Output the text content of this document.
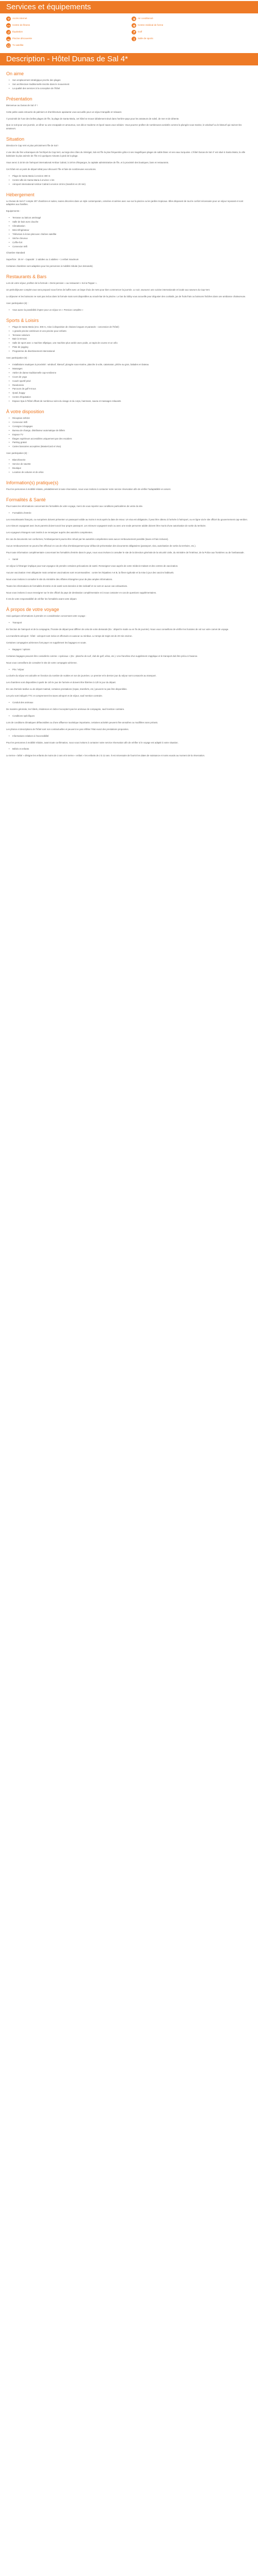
Services et équipements
Accès internet	Air conditionné
Centre de fitness	Centre médical de forme
Équitation	Golf
Piscine découverte	Salle de sports
Tv satellite
Description - Hôtel Dunas de Sal 4*
On aime
• Son emplacement stratégique proche des plages
• Son architecture traditionnelle inscrite dans le mouvement
• La qualité des services à la conception de l'hôtel
Présentation
Bienvenue au Dunas de Sal 4* !
Cette petite oasis entourée de palmiers et d'architecture apaisante vous accueille pour un séjour tranquille et relaxant.
À proximité de l'une des belles plages de l'île, la plage de Santa Maria, cet hôtel se trouve idéalement situé dans l'arrière-pays pour les amateurs de soleil, de mer et de détente.
Que ce soit pour une journée, un dîner ou une escapade en amoureux, son décor moderne et épuré saura vous séduire. Vous pourrez profiter de nombreuses activités comme la plongée sous-marine, le windsurf ou le kitesurf qui raviront les amateurs.
Situation
Direction le Cap Vert et plus précisément l'île de Sal !
L'une des dix îles volcaniques de l'archipel du Cap-Vert, au large des côtes du Sénégal, Sal est l'île la plus fréquentée grâce à ses magnifiques plages de sable blanc et ses eaux turquoise. L'hôtel Dunas de Sal 4* est situé à Santa Maria, la ville balnéaire la plus animée de l'île et à quelques minutes à pied de la plage.
Vous serez à 15 km de l'aéroport international Amilcar Cabral, à 18 km d'Espargos, la capitale administrative de l'île, et à proximité des boutiques, bars et restaurants.
Cet hôtel est un point de départ idéal pour découvrir l'île et faire de nombreuses excursions.
• Plage de Santa Maria à environ 300 m
• Centre-ville de Santa Maria à environ 1 km
• Aéroport international Amilcar Cabral à environ 18 km (transfert en 20 min)
Hébergement
Le Dunas de Sal 4* compte 207 chambres et suites, toutes décorées dans un style contemporain, colorées et aérées avec vue sur la piscine ou les jardins tropicaux. Elles disposent de tout le confort nécessaire pour un séjour reposant et sont adaptées aux familles.
Equipements :
• Terrasse ou balcon aménagé
• Salle de bain avec douche
• Climatisation
• Mini-réfrigérateur
• Télévision à écran plat avec chaînes satellite
• Sèche-cheveux
• Coffre-fort
• Connexion Wifi
Chambre Standard
Superficie : 25 m² - Capacité : 2 adultes ou 2 adultes + 1 enfant maximum
Certaines chambres sont adaptées pour les personnes à mobilité réduite (sur demande).
Restaurants & Bars
Lors de votre séjour, profitez de la formule « Demi-pension » au restaurant « Sol & Pepper ».
Un petit-déjeuner complet vous sera proposé sous forme de buffet avec un large choix de mets pour bien commencer la journée. Le soir, savourez une cuisine internationale et locale aux saveurs du Cap-Vert.
Le déjeuner et les boissons ne sont pas inclus dans la formule mais sont disponibles au snack-bar de la piscine. Le bar du lobby vous accueille pour déguster des cocktails, jus de fruits frais ou boissons fraîches dans une ambiance chaleureuse.
Avec participation (€) :
• Vous aurez la possibilité d'opter pour un séjour en « Pension complète »
Sports & Loisirs
• Plage de Santa Maria (env. 300 m, mise à disposition de chaises longues et parasols - concession de l'hôtel)
• 1 grande piscine extérieure et une piscine pour enfants
• Terrasse solarium
• Bain à remous
• Salle de sport avec 1 machine elliptique, une machine plus variée avec poids, un tapis de course et un vélo
• Piste de jogging
• Programme de divertissement international
Avec participation (€) :
• Installations nautiques à proximité : windsurf, kitesurf, plongée sous-marine, planche à voile, catamaran, pêche au gros, balades en bateau
• Massages
• Atelier de danse traditionnelle cap-verdienne
• Cours de yoga
• Coach sportif privé
• Randonnée
• Parcours de golf 9 trous
• Quad, buggy
• Centre d'équitation
• Espace Spa à l'hôtel offrant de nombreux soins du visage et du corps, hammam, sauna et massages relaxants
À votre disposition
• Réception 24h/24
• Connexion Wifi
• Consigne à bagages
• Bureau de change, distributeur automatique de billets
• Espace TV
• Étages supérieurs accessibles uniquement par des escaliers
• Parking gratuit
• Cartes bancaires acceptées (MasterCard et Visa)
Avec participation (€) :
• Blanchisserie
• Service de navette
• Boutique
• Location de voitures et de vélos
Information(s) pratique(s)
Pour les personnes à mobilité réduite, préalablement à toute réservation, nous vous invitons à contacter notre service réservation afin de vérifier l'adaptabilité en amont.
Formalités & Santé
Pour toutes les informations concernant les formalités de votre voyage, merci de vous reporter aux conditions particulières de vente du site.
• Formalités d'entrée
Les ressortissants français, ou européens doivent présenter un passeport valide au moins 6 mois après la date de retour. Un visa est obligatoire, il peut être obtenu à l'arrivée à l'aéroport, ou en ligne via le site officiel du gouvernement cap-verdien.
Les mineurs voyageant avec leurs parents doivent avoir leur propre passeport. Les mineurs voyageant seuls ou avec une seule personne adulte doivent être munis d'une autorisation de sortie du territoire.
Les voyageurs étrangers sont invités à se renseigner auprès des autorités compétentes.
En cas de documents non conformes, l'embarquement pourra être refusé par les autorités compétentes sans aucun remboursement possible (taxes et frais incluses).
Aucun remboursement ne pourra être effectué en cas de refus d'embarquement pour défaut de présentation des documents obligatoires (passeport, visa, autorisation de sortie du territoire, etc.).
Pour toute information complémentaire concernant les formalités d'entrée dans le pays, nous vous invitons à consulter le site de la Direction générale de la sécurité civile, du ministère de l'Intérieur, de la Police aux frontières ou de l'ambassade.
• Santé
Un séjour à l'étranger implique pour tout voyageur de prendre certaines précautions de santé. Renseignez-vous auprès de votre médecin traitant et des centres de vaccination.
Aucune vaccination n'est obligatoire mais certaines vaccinations sont recommandées : contre les hépatites A et B, la fièvre typhoïde et la mise à jour des vaccins habituels.
Nous vous invitons à consulter le site du ministère des Affaires étrangères pour de plus amples informations.
Toutes les informations de formalités d'entrée et de santé sont données à titre indicatif et ne sont en aucun cas exhaustives.
Nous vous invitons à vous renseigner sur le site officiel du pays de destination complémentaire et à nous contacter en cas de questions supplémentaires.
Il est de votre responsabilité de vérifier les formalités avant votre départ.
À propos de votre voyage
Voici quelques informations à prendre en considération concernant votre voyage :
• Transport
En fonction de l'aéroport et de la compagnie, l'horaire de départ peut différer de celui de votre demande (Ex : départ le matin ou en fin de journée). Nous vous conseillons de vérifier les horaires de vol sur votre carnet de voyage.
Les transferts aéroport - hôtel - aéroport sont inclus et effectués en autocar ou minibus. Le temps de trajet est de 20 min environ.
Certaines compagnies aériennes font payer en supplément les bagages en soute.
• Bagages / options
Certaines bagages peuvent être considérés comme « spéciaux » (Ex : planche de surf, club de golf, vélos, etc.). Une franchise d'un supplément s'applique et le transport doit être prévu à l'avance.
Nous vous conseillons de consulter le site de votre compagnie aérienne.
• Prix / séjour
La durée du séjour est calculée en fonction du nombre de nuitées et non de journées. Le premier et le dernier jour du séjour sont consacrés au transport.
Les chambres sont disponibles à partir de 14h le jour de l'arrivée et doivent être libérées à 12h le jour du départ.
En cas d'arrivée tardive ou de départ matinal, certaines prestations (repas, transferts, etc.) peuvent ne pas être disponibles.
Les prix sont indiqués TTC et comprennent les taxes aéroport et de séjour, sauf mention contraire.
• Conduit des animaux
De manière générale, les hôtels, résidences et clubs n'acceptent pas les animaux de compagnie, sauf mention contraire.
• Conditions spécifiques
Lors de conditions climatiques défavorables ou d'une affluence touristique importante, certaines activités peuvent être annulées ou modifiées sans préavis.
Les photos et descriptions de l'hôtel sont non contractuelles et peuvent ne pas refléter l'état exact des prestations proposées.
• Informations relatives à l'accessibilité
Pour les personnes à mobilité réduite, avant toute confirmation, nous vous invitons à contacter notre service réservation afin de vérifier si le voyage est adapté à votre situation.
• Bébés et enfants
Le terme « bébé » désigne les enfants de moins de 2 ans et le terme « enfant » les enfants de 2 à 12 ans. Il est nécessaire de fournir les dates de naissance et noms exacts au moment de la réservation.
